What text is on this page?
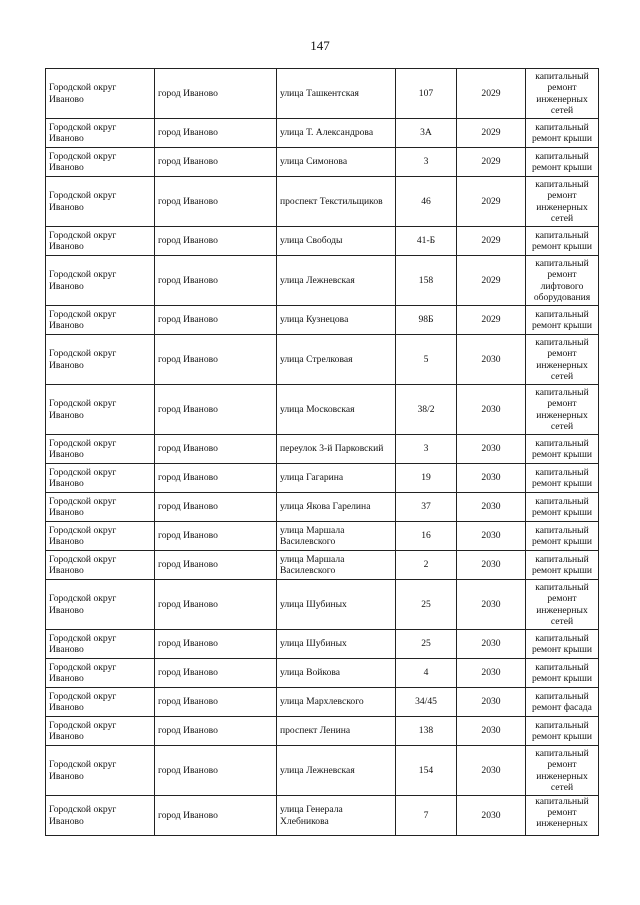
147
Городской округ Иваново	город Иваново	улица Ташкентская	107	2029	капитальный ремонт инженерных сетей
Городской округ Иваново	город Иваново	улица Т. Александрова	3А	2029	капитальный ремонт крыши
Городской округ Иваново	город Иваново	улица Симонова	3	2029	капитальный ремонт крыши
Городской округ Иваново	город Иваново	проспект Текстильщиков	46	2029	капитальный ремонт инженерных сетей
Городской округ Иваново	город Иваново	улица Свободы	41-Б	2029	капитальный ремонт крыши
Городской округ Иваново	город Иваново	улица Лежневская	158	2029	капитальный ремонт лифтового оборудования
Городской округ Иваново	город Иваново	улица Кузнецова	98Б	2029	капитальный ремонт крыши
Городской округ Иваново	город Иваново	улица Стрелковая	5	2030	капитальный ремонт инженерных сетей
Городской округ Иваново	город Иваново	улица Московская	38/2	2030	капитальный ремонт инженерных сетей
Городской округ Иваново	город Иваново	переулок 3-й Парковский	3	2030	капитальный ремонт крыши
Городской округ Иваново	город Иваново	улица Гагарина	19	2030	капитальный ремонт крыши
Городской округ Иваново	город Иваново	улица Якова Гарелина	37	2030	капитальный ремонт крыши
Городской округ Иваново	город Иваново	улица Маршала Василевского	16	2030	капитальный ремонт крыши
Городской округ Иваново	город Иваново	улица Маршала Василевского	2	2030	капитальный ремонт крыши
Городской округ Иваново	город Иваново	улица Шубиных	25	2030	капитальный ремонт инженерных сетей
Городской округ Иваново	город Иваново	улица Шубиных	25	2030	капитальный ремонт крыши
Городской округ Иваново	город Иваново	улица Войкова	4	2030	капитальный ремонт крыши
Городской округ Иваново	город Иваново	улица Мархлевского	34/45	2030	капитальный ремонт фасада
Городской округ Иваново	город Иваново	проспект Ленина	138	2030	капитальный ремонт крыши
Городской округ Иваново	город Иваново	улица Лежневская	154	2030	капитальный ремонт инженерных сетей
Городской округ Иваново	город Иваново	улица Генерала Хлебникова	7	2030	капитальный ремонт инженерных
